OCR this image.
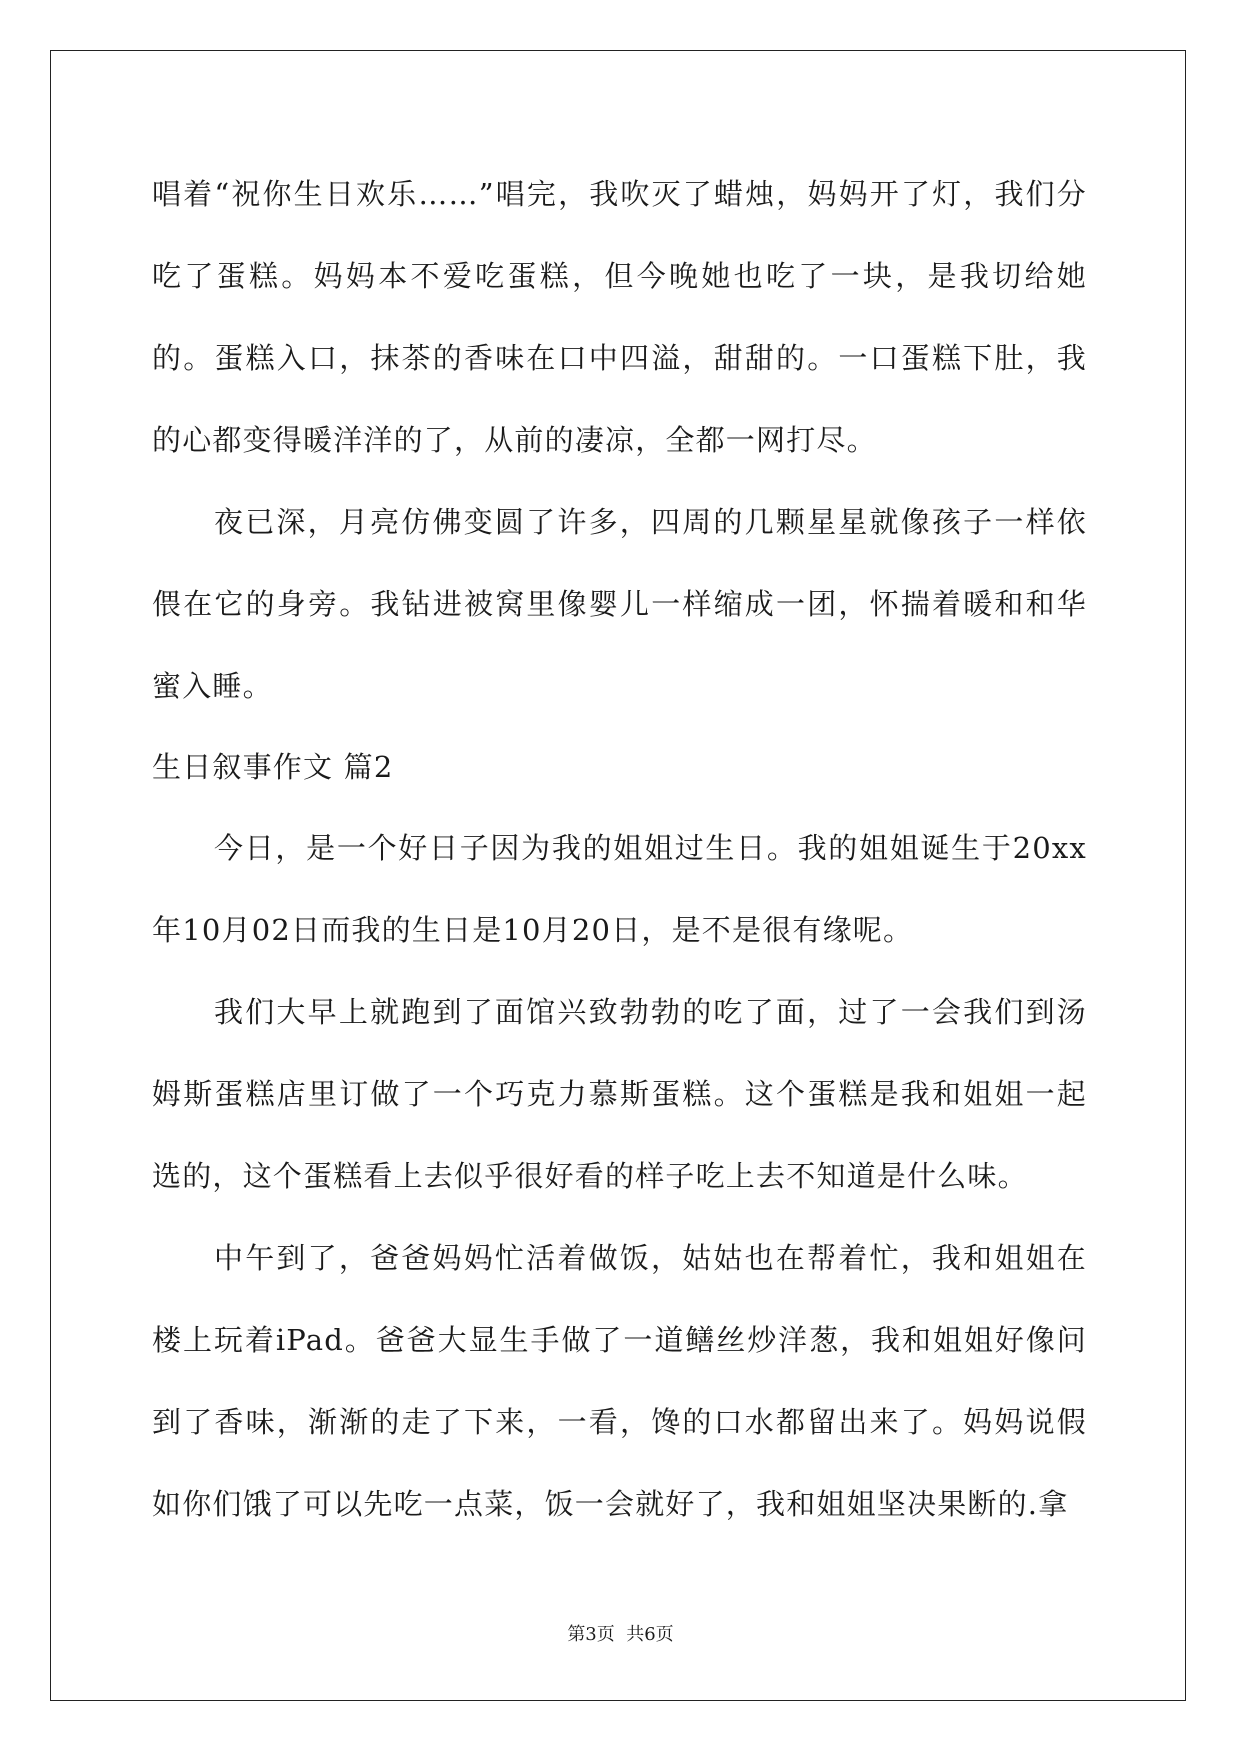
唱着“祝你生日欢乐……”唱完，我吹灭了蜡烛，妈妈开了灯，我们分吃了蛋糕。妈妈本不爱吃蛋糕，但今晚她也吃了一块，是我切给她的。蛋糕入口，抹茶的香味在口中四溢，甜甜的。一口蛋糕下肚，我的心都变得暖洋洋的了，从前的凄凉，全都一网打尽。

夜已深，月亮仿佛变圆了许多，四周的几颗星星就像孩子一样依偎在它的身旁。我钻进被窝里像婴儿一样缩成一团，怀揣着暖和和华蜜入睡。

生日叙事作文 篇2

今日，是一个好日子因为我的姐姐过生日。我的姐姐诞生于20xx年10月02日而我的生日是10月20日，是不是很有缘呢。

我们大早上就跑到了面馆兴致勃勃的吃了面，过了一会我们到汤姆斯蛋糕店里订做了一个巧克力慕斯蛋糕。这个蛋糕是我和姐姐一起选的，这个蛋糕看上去似乎很好看的样子吃上去不知道是什么味。

中午到了，爸爸妈妈忙活着做饭，姑姑也在帮着忙，我和姐姐在楼上玩着iPad。爸爸大显生手做了一道鳝丝炒洋葱，我和姐姐好像问到了香味，渐渐的走了下来，一看，馋的口水都留出来了。妈妈说假如你们饿了可以先吃一点菜，饭一会就好了，我和姐姐坚决果断的.拿

第3页  共6页
